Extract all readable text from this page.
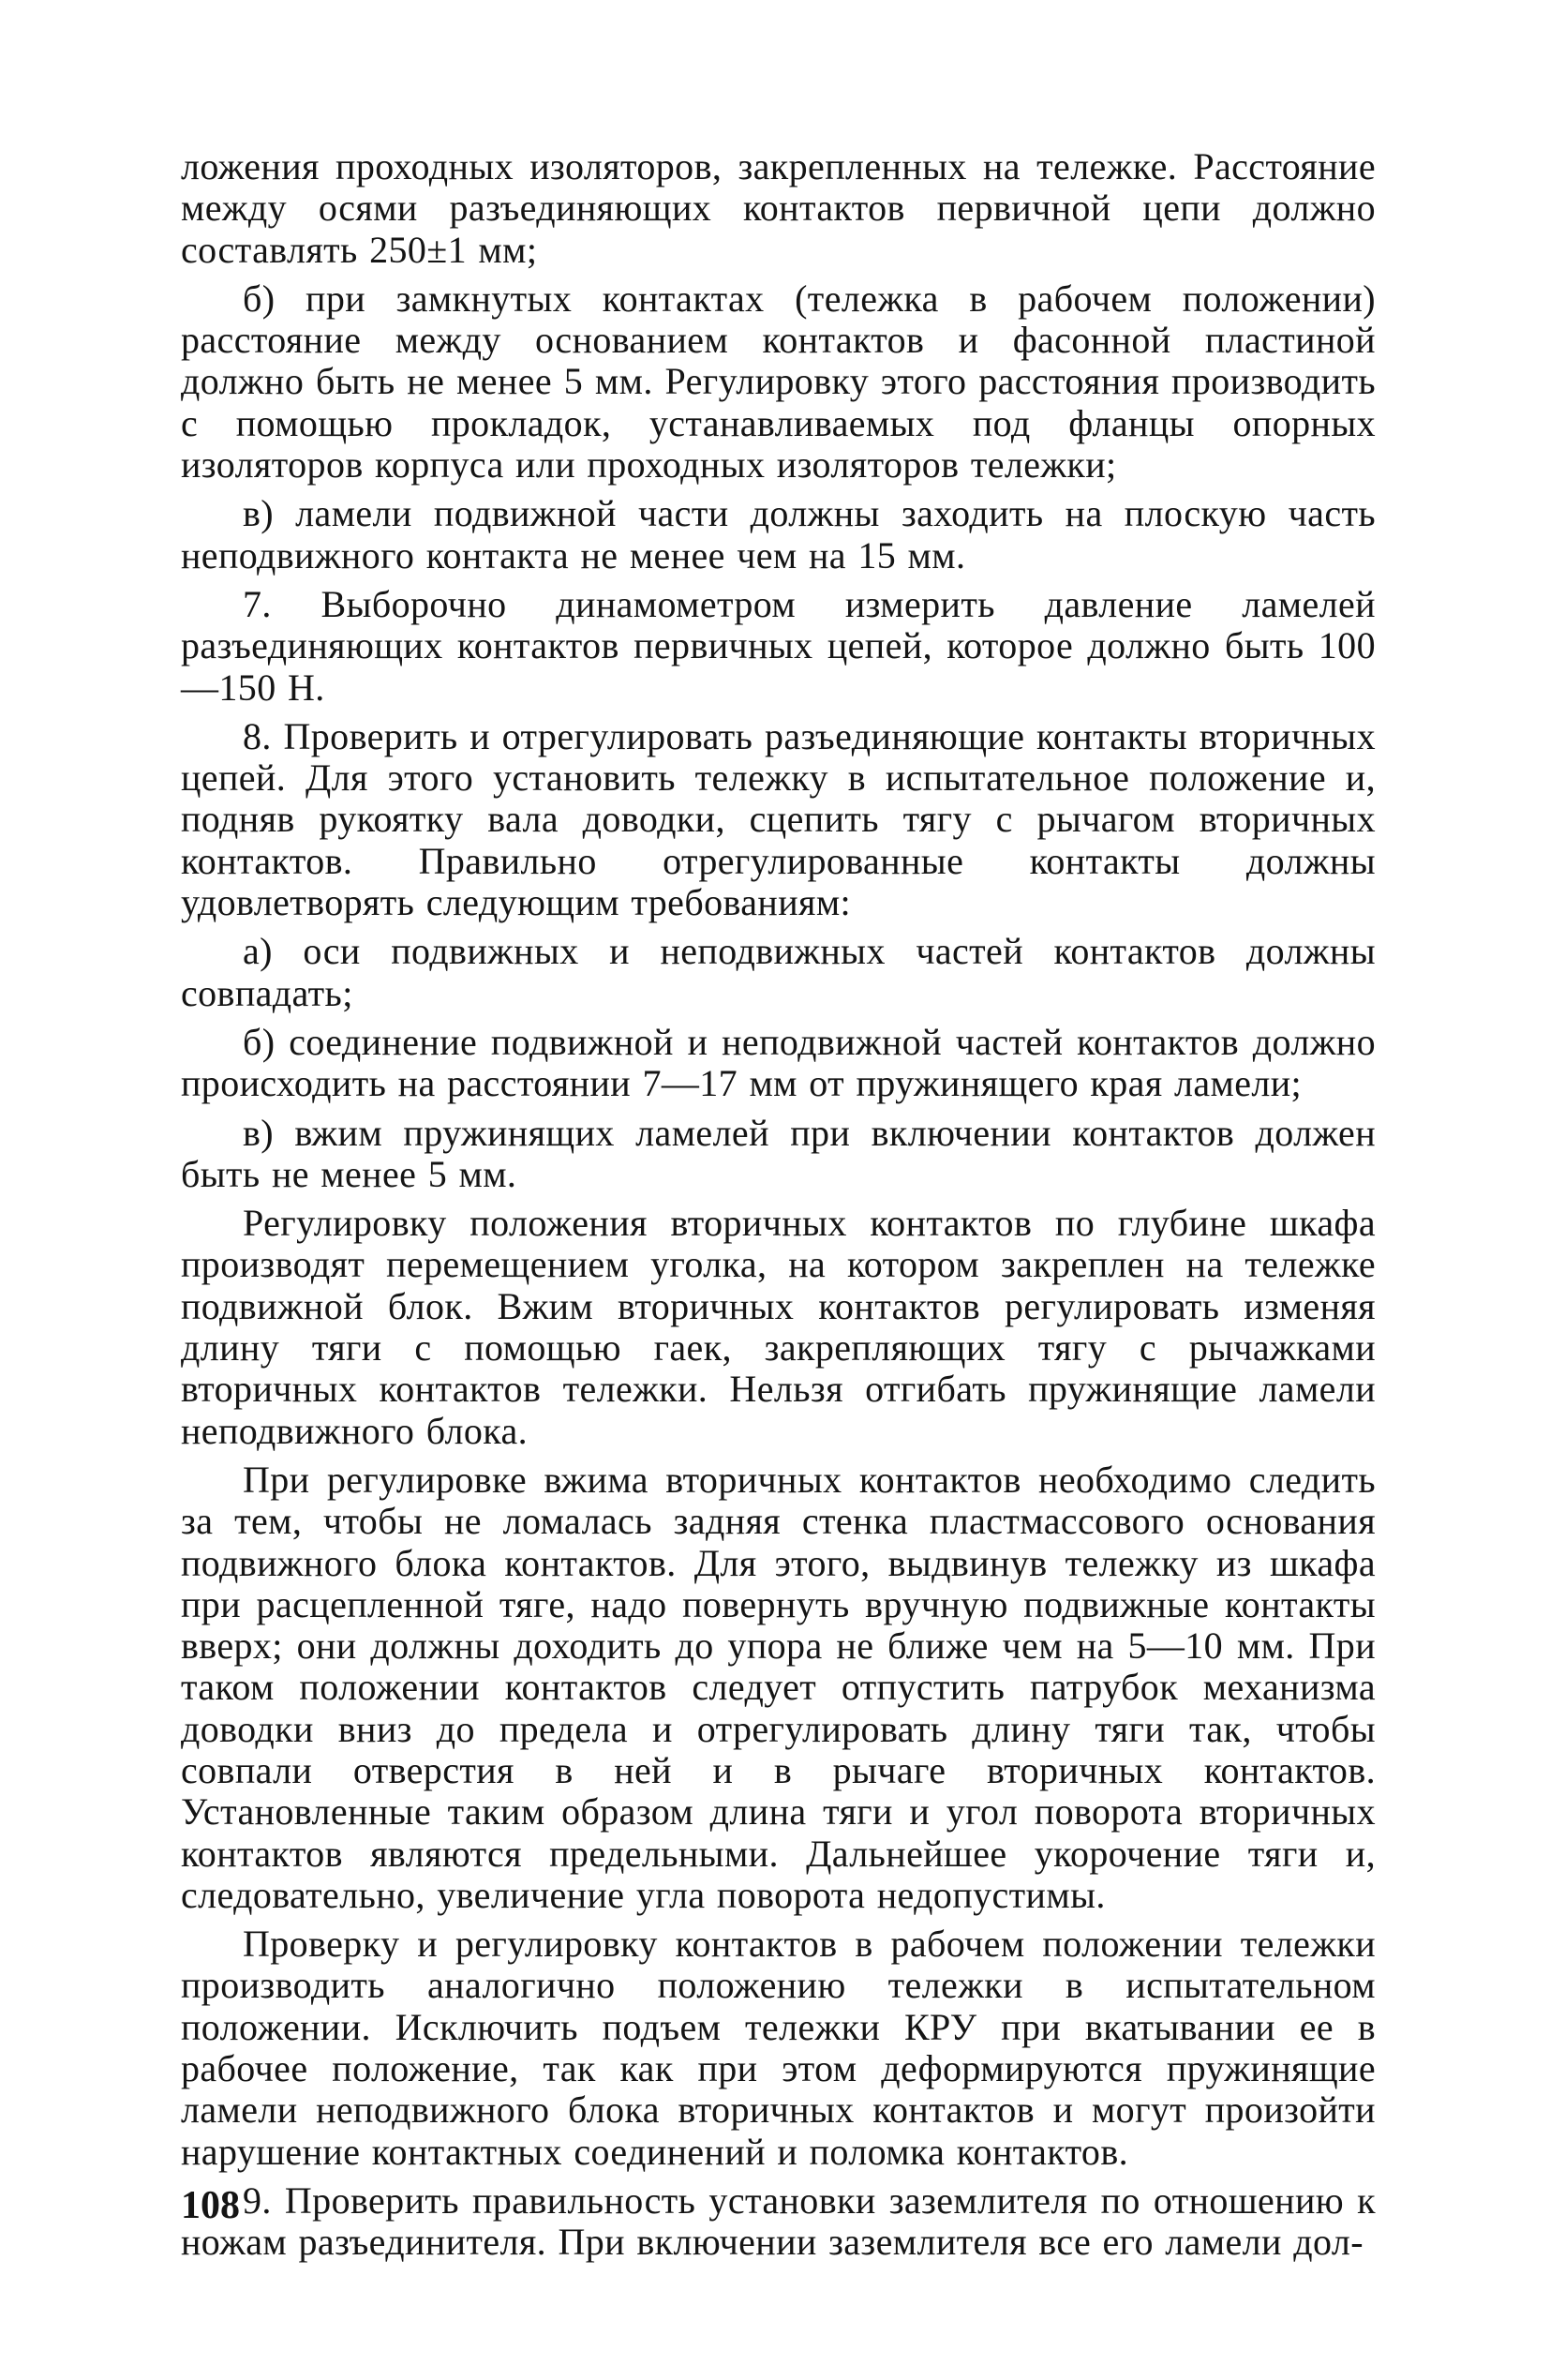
ложения проходных изоляторов, закрепленных на тележке. Расстояние между осями разъединяющих контактов первичной цепи должно составлять 250±1 мм;

б) при замкнутых контактах (тележка в рабочем положении) расстояние между основанием контактов и фасонной пластиной должно быть не менее 5 мм. Регулировку этого расстояния производить с помощью прокладок, устанавливаемых под фланцы опорных изоляторов корпуса или проходных изоляторов тележки;

в) ламели подвижной части должны заходить на плоскую часть неподвижного контакта не менее чем на 15 мм.

7. Выборочно динамометром измерить давление ламелей разъединяющих контактов первичных цепей, которое должно быть 100—150 Н.

8. Проверить и отрегулировать разъединяющие контакты вторичных цепей. Для этого установить тележку в испытательное положение и, подняв рукоятку вала доводки, сцепить тягу с рычагом вторичных контактов. Правильно отрегулированные контакты должны удовлетворять следующим требованиям:

а) оси подвижных и неподвижных частей контактов должны совпадать;

б) соединение подвижной и неподвижной частей контактов должно происходить на расстоянии 7—17 мм от пружинящего края ламели;

в) вжим пружинящих ламелей при включении контактов должен быть не менее 5 мм.

Регулировку положения вторичных контактов по глубине шкафа производят перемещением уголка, на котором закреплен на тележке подвижной блок. Вжим вторичных контактов регулировать изменяя длину тяги с помощью гаек, закрепляющих тягу с рычажками вторичных контактов тележки. Нельзя отгибать пружинящие ламели неподвижного блока.

При регулировке вжима вторичных контактов необходимо следить за тем, чтобы не ломалась задняя стенка пластмассового основания подвижного блока контактов. Для этого, выдвинув тележку из шкафа при расцепленной тяге, надо повернуть вручную подвижные контакты вверх; они должны доходить до упора не ближе чем на 5—10 мм. При таком положении контактов следует отпустить патрубок механизма доводки вниз до предела и отрегулировать длину тяги так, чтобы совпали отверстия в ней и в рычаге вторичных контактов. Установленные таким образом длина тяги и угол поворота вторичных контактов являются предельными. Дальнейшее укорочение тяги и, следовательно, увеличение угла поворота недопустимы.

Проверку и регулировку контактов в рабочем положении тележки производить аналогично положению тележки в испытательном положении. Исключить подъем тележки КРУ при вкатывании ее в рабочее положение, так как при этом деформируются пружинящие ламели неподвижного блока вторичных контактов и могут произойти нарушение контактных соединений и поломка контактов.

9. Проверить правильность установки заземлителя по отношению к ножам разъединителя. При включении заземлителя все его ламели дол-

108
